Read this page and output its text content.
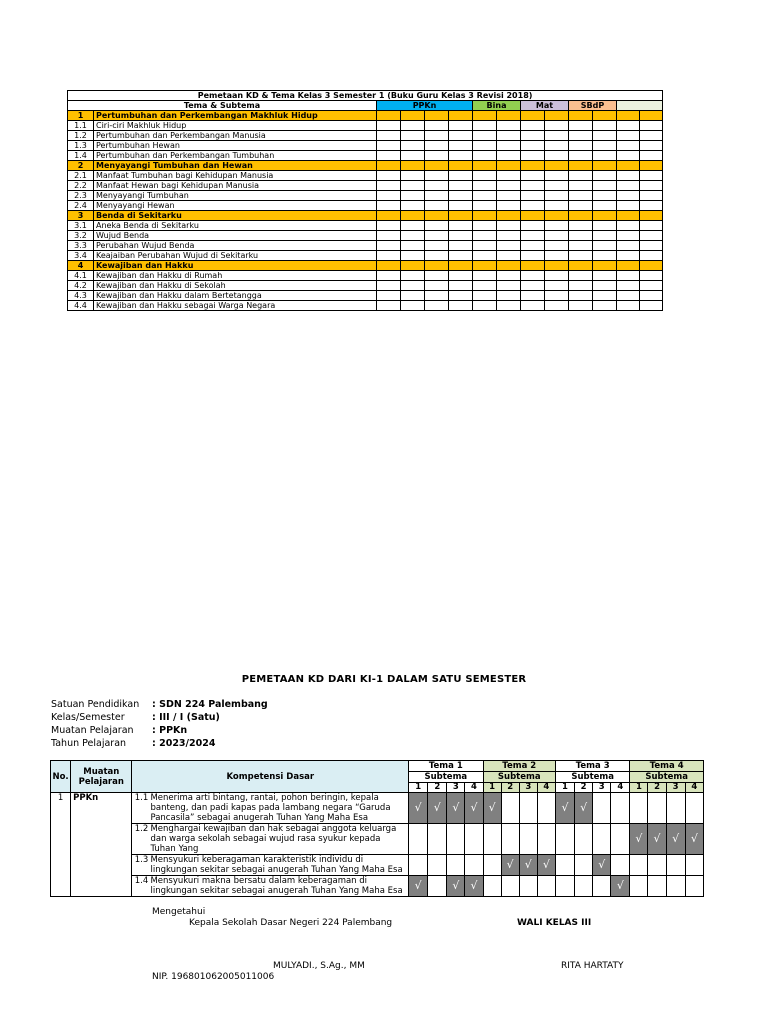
Pemetaan KD & Tema Kelas 3 Semester 1 (Buku Guru Kelas 3 Revisi 2018)													
Tema & Subtema		PPKn				Bina		Mat		SBdP			
1	Pertumbuhan dan Perkembangan Makhluk Hidup												
1.1	Ciri-ciri Makhluk Hidup												
1.2	Pertumbuhan dan Perkembangan Manusia												
1.3	Pertumbuhan Hewan												
1.4	Pertumbuhan dan Perkembangan Tumbuhan												
2	Menyayangi Tumbuhan dan Hewan												
2.1	Manfaat Tumbuhan bagi Kehidupan Manusia												
2.2	Manfaat Hewan bagi Kehidupan Manusia												
2.3	Menyayangi Tumbuhan												
2.4	Menyayangi Hewan												
3	Benda di Sekitarku												
3.1	Aneka Benda di Sekitarku												
3.2	Wujud Benda												
3.3	Perubahan Wujud Benda												
3.4	Keajaiban Perubahan Wujud di Sekitarku												
4	Kewajiban dan Hakku												
4.1	Kewajiban dan Hakku di Rumah												
4.2	Kewajiban dan Hakku di Sekolah												
4.3	Kewajiban dan Hakku dalam Bertetangga												
4.4	Kewajiban dan Hakku sebagai Warga Negara												
PEMETAAN KD DARI KI-1 DALAM SATU SEMESTER
Satuan Pendidikan : SDN 224 Palembang
Kelas/Semester	: III / I (Satu)
Muatan Pelajaran : PPKn
Tahun Pelajaran	: 2023/2024
No.	Muatan Pelajaran	Kompetensi Dasar	Tema 1				Tema 2				Tema 3				Tema 4			
			Subtema				Subtema				Subtema				Subtema			
			1	2	3	4	1	2	3	4	1	2	3	4	1	2	3	4
1	PPKn	1.1 Menerima arti bintang, rantai, pohon beringin, kepala banteng, dan padi kapas pada lambang negara “Garuda Pancasila” sebagai anugerah Tuhan Yang Maha Esa	√	√	√	√	√				√	√						

		1.2 Menghargai kewajiban dan hak sebagai anggota keluarga dan warga sekolah sebagai wujud rasa syukur kepada Tuhan Yang													√	√	√	√

		1.3 Mensyukuri keberagaman karakteristik individu di lingkungan sekitar sebagai anugerah Tuhan Yang Maha Esa						√	√	√			√					

		1.4 Mensyukuri makna bersatu dalam keberagaman di lingkungan sekitar sebagai anugerah Tuhan Yang Maha Esa	√		√	√								√				
Mengetahui
Kepala Sekolah Dasar Negeri 224 Palembang	WALI KELAS III
MULYADI., S.Ag., MM	RITA HARTATY
NIP. 196801062005011006
